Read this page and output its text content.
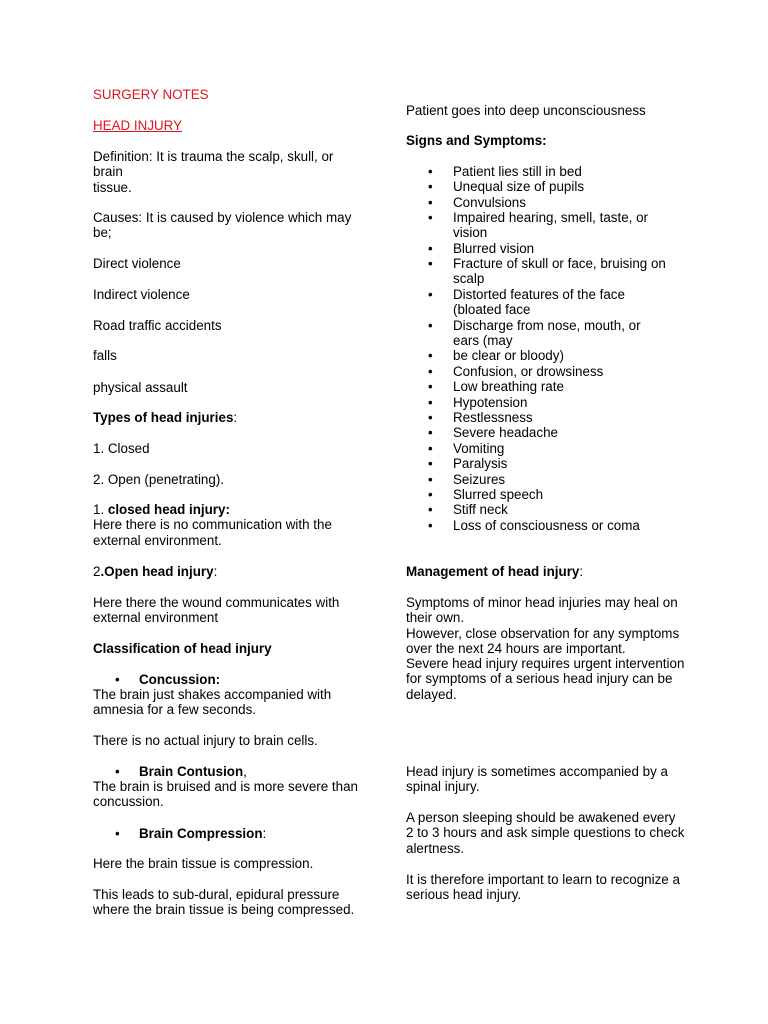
SURGERY NOTES

HEAD INJURY

Definition: It is trauma the scalp, skull, or
brain
tissue.

Causes: It is caused by violence which may be;

Direct violence

Indirect violence

Road traffic accidents

falls

physical assault

Types of head injuries:

1. Closed

2. Open (penetrating).

1. closed head injury:
Here there is no communication with the external environment.

2.Open head injury:

Here there the wound communicates with external environment

Classification of head injury

•	Concussion:

The brain just shakes accompanied with amnesia for a few seconds.

There is no actual injury to brain cells.

•	Brain Contusion,

The brain is bruised and is more severe than concussion.

•	Brain Compression:

Here the brain tissue is compression.

This leads to sub-dural, epidural pressure where the brain tissue is being compressed.

Patient goes into deep unconsciousness

Signs and Symptoms:

•	Patient lies still in bed
•	Unequal size of pupils
•	Convulsions
•	Impaired hearing, smell, taste, or vision
•	Blurred vision
•	Fracture of skull or face, bruising on scalp
•	Distorted features of the face (bloated face
•	Discharge from nose, mouth, or ears (may
•	be clear or bloody)
•	Confusion, or drowsiness
•	Low breathing rate
•	Hypotension
•	Restlessness
•	Severe headache
•	Vomiting
•	Paralysis
•	Seizures
•	Slurred speech
•	Stiff neck
•	Loss of consciousness or coma

Management of head injury:

Symptoms of minor head injuries may heal on their own.
However, close observation for any symptoms over the next 24 hours are important.
Severe head injury requires urgent intervention
for symptoms of a serious head injury can be
delayed.

Head injury is sometimes accompanied by a spinal injury.

A person sleeping should be awakened every 2 to 3 hours and ask simple questions to check alertness.

It is therefore important to learn to recognize a serious head injury.
